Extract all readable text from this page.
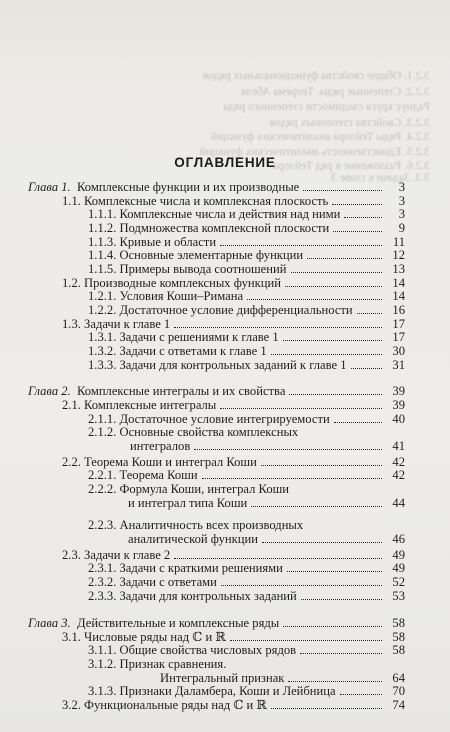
3.2.1. Общие свойства функциональных рядов
3.2.2. Степенные ряды. Теорема Абеля
Радиус круга сходимости степенного ряда
3.2.3. Свойства степенных рядов
3.2.4. Ряды Тейлора аналитических функций
3.2.5. Единственность аналитических функций
3.2.6. Разложение в ряд Тейлора
3.3. Задачи к главе 3
ОГЛАВЛЕНИЕ
Глава 1. Комплексные функции и их производные	3
1.1. Комплексные числа и комплексная плоскость	3
1.1.1. Комплексные числа и действия над ними	3
1.1.2. Подмножества комплексной плоскости	9
1.1.3. Кривые и области	11
1.1.4. Основные элементарные функции	12
1.1.5. Примеры вывода соотношений	13
1.2. Производные комплексных функций	14
1.2.1. Условия Коши–Римана	14
1.2.2. Достаточное условие дифференциальности	16
1.3. Задачи к главе 1	17
1.3.1. Задачи с решениями к главе 1	17
1.3.2. Задачи с ответами к главе 1	30
1.3.3. Задачи для контрольных заданий к главе 1	31
Глава 2. Комплексные интегралы и их свойства	39
2.1. Комплексные интегралы	39
2.1.1. Достаточное условие интегрируемости	40
2.1.2. Основные свойства комплексных
интегралов	41
2.2. Теорема Коши и интеграл Коши	42
2.2.1. Теорема Коши	42
2.2.2. Формула Коши, интеграл Коши
и интеграл типа Коши	44
2.2.3. Аналитичность всех производных
аналитической функции	46
2.3. Задачи к главе 2	49
2.3.1. Задачи с краткими решениями	49
2.3.2. Задачи с ответами	52
2.3.3. Задачи для контрольных заданий	53
Глава 3. Действительные и комплексные ряды	58
3.1. Числовые ряды над ℂ и ℝ	58
3.1.1. Общие свойства числовых рядов	58
3.1.2. Признак сравнения.
Интегральный признак	64
3.1.3. Признаки Даламбера, Коши и Лейбница	70
3.2. Функциональные ряды над ℂ и ℝ	74
